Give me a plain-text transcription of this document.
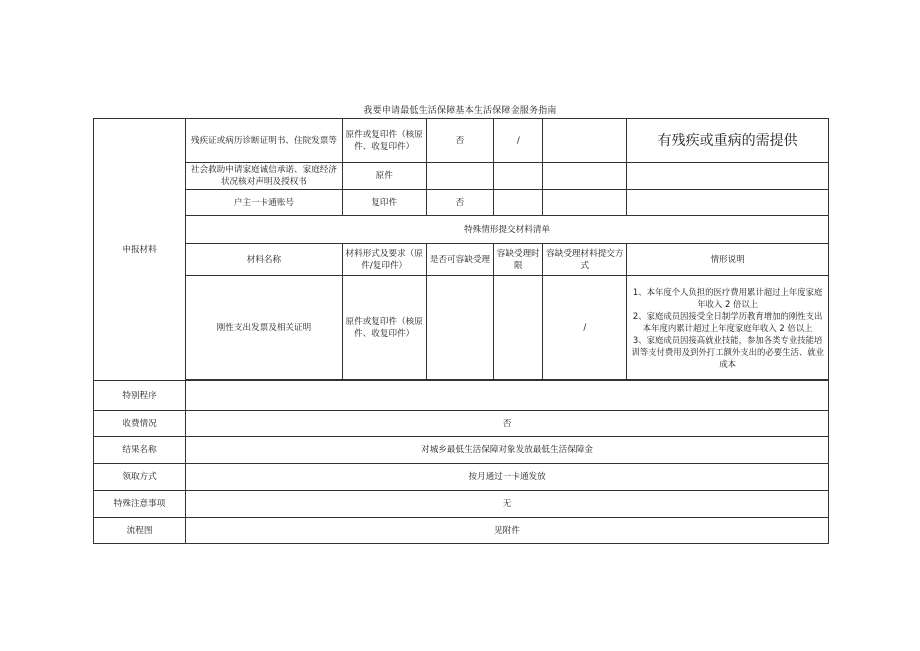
我要申请最低生活保障基本生活保障金服务指南
申报材料	残疾证或病历诊断证明书、住院发票等	原件或复印件（核原件、收复印件）	否	/		有残疾或重病的需提供
	社会救助申请家庭诚信承诺、家庭经济状况核对声明及授权书	原件				
	户主一卡通账号	复印件	否			
	特殊情形提交材料清单					
	材料名称	材料形式及要求（原件/复印件）	是否可容缺受理	容缺受理时限	容缺受理材料提交方式	情形说明
	刚性支出发票及相关证明	原件或复印件（核原件、收复印件）			/	1、本年度个人负担的医疗费用累计超过上年度家庭年收入 2 倍以上
2、家庭成员因接受全日制学历教育增加的刚性支出本年度内累计超过上年度家庭年收入 2 倍以上
3、家庭成员因接高就业技能，参加各类专业技能培训等支付费用及到外打工额外支出的必要生活、就业成本

特别程序						
收费情况	否					
结果名称	对城乡最低生活保障对象发放最低生活保障金					
领取方式	按月通过一卡通发放					
特殊注意事项	无					
流程图	见附件					
